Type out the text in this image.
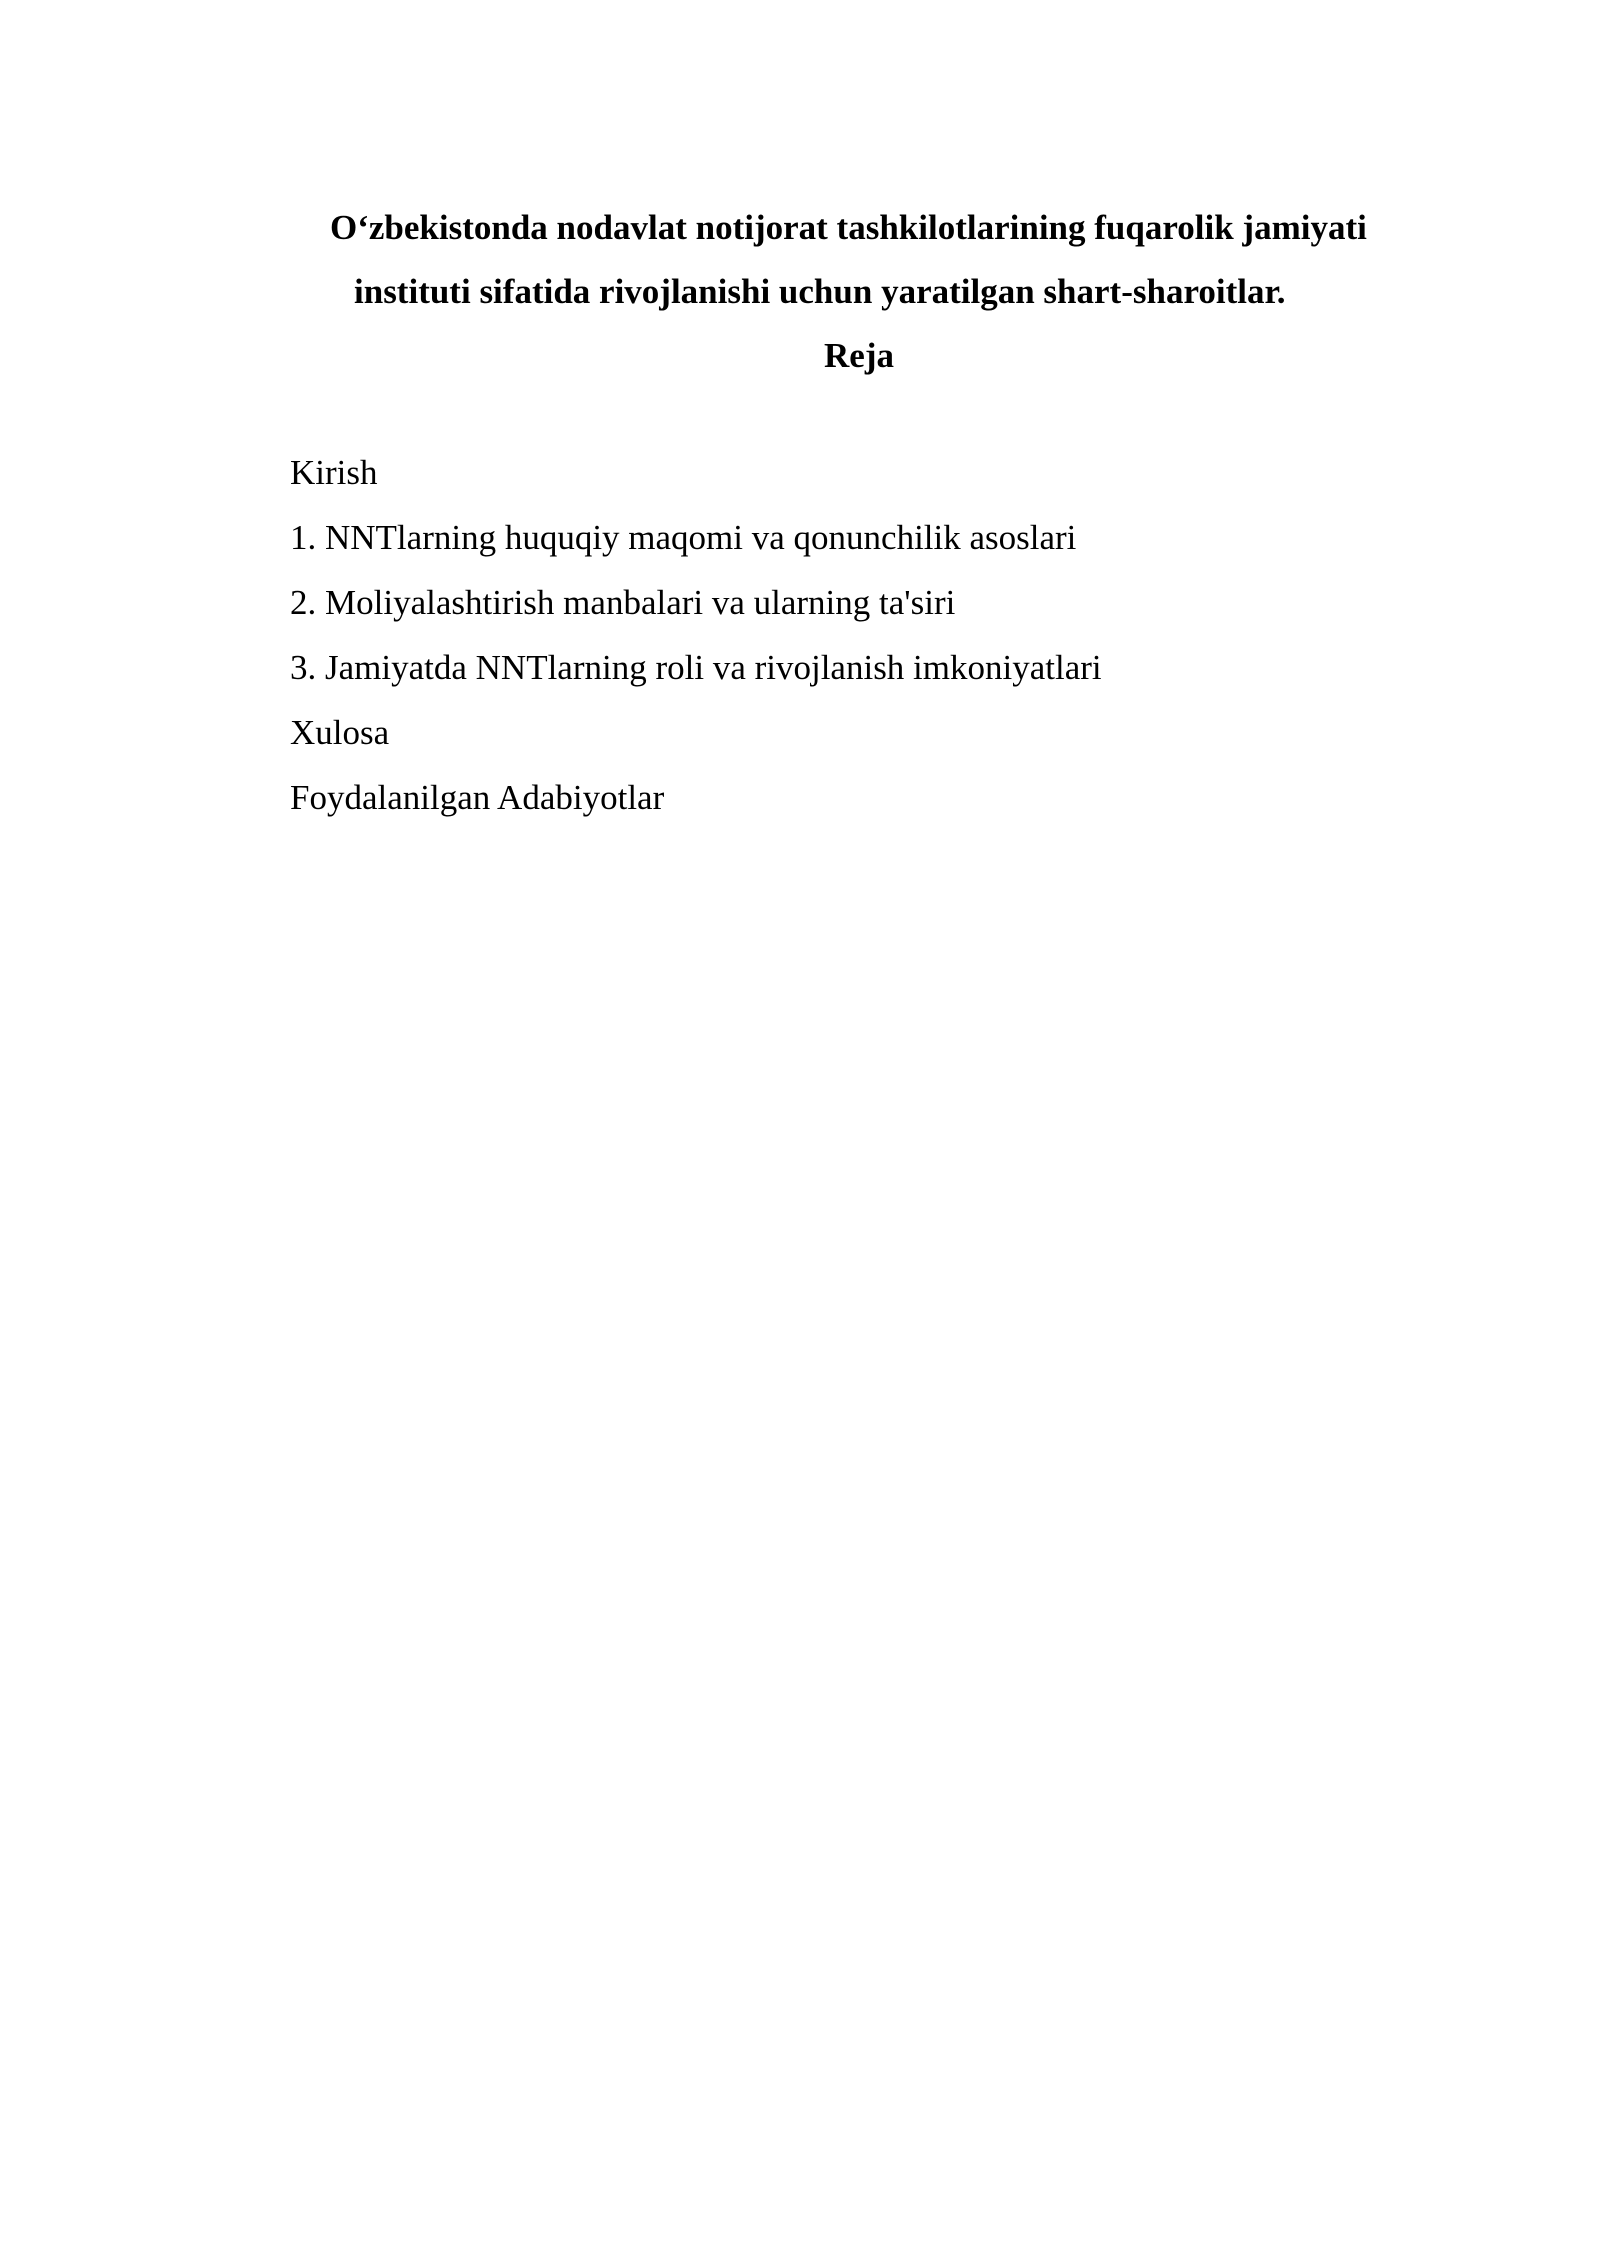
O‘zbekistonda nodavlat notijorat tashkilotlarining fuqarolik jamiyati
instituti sifatida rivojlanishi uchun yaratilgan shart-sharoitlar.
Reja
Kirish
1. NNTlarning huquqiy maqomi va qonunchilik asoslari
2. Moliyalashtirish manbalari va ularning ta'siri
3. Jamiyatda NNTlarning roli va rivojlanish imkoniyatlari
Xulosa
Foydalanilgan Adabiyotlar
